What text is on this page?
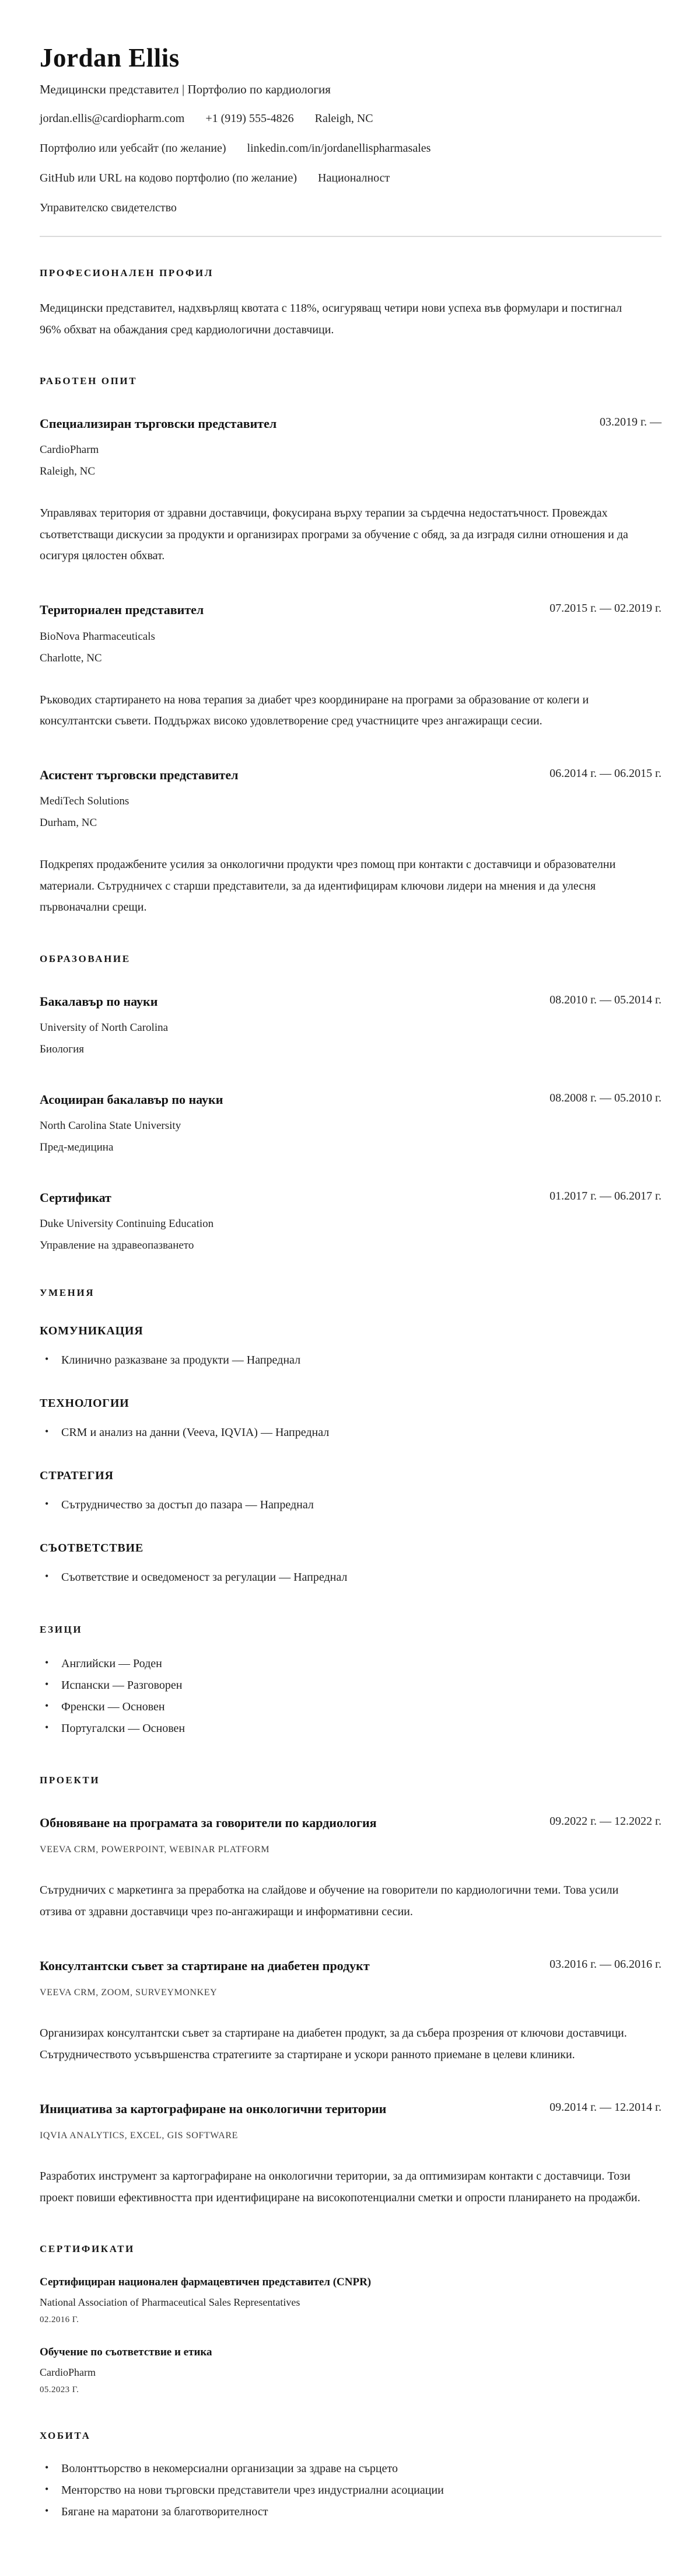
Jordan Ellis
Медицински представител | Портфолио по кардиология
jordan.ellis@cardiopharm.com +1 (919) 555-4826 Raleigh, NC
Портфолио или уебсайт (по желание) linkedin.com/in/jordanellispharmasales
GitHub или URL на кодово портфолио (по желание) Националност
Управителско свидетелство
ПРОФЕСИОНАЛЕН ПРОФИЛ

Медицински представител, надхвърлящ квотата с 118%, осигуряващ четири нови успеха във формулари и постигнал 96% обхват на обаждания сред кардиологични доставчици.

РАБОТЕН ОПИТ
Специализиран търговски представител	03.2019 г. —
CardioPharm
Raleigh, NC

Управлявах територия от здравни доставчици, фокусирана върху терапии за сърдечна недостатъчност. Провеждах съответстващи дискусии за продукти и организирах програми за обучение с обяд, за да изградя силни отношения и да осигуря цялостен обхват.

Териториален представител	07.2015 г. — 02.2019 г.
BioNova Pharmaceuticals
Charlotte, NC

Ръководих стартирането на нова терапия за диабет чрез координиране на програми за образование от колеги и консултантски съвети. Поддържах високо удовлетворение сред участниците чрез ангажиращи сесии.

Асистент търговски представител	06.2014 г. — 06.2015 г.
MediTech Solutions
Durham, NC

Подкрепях продажбените усилия за онкологични продукти чрез помощ при контакти с доставчици и образователни материали. Сътрудничех с старши представители, за да идентифицирам ключови лидери на мнения и да улесня първоначални срещи.

ОБРАЗОВАНИЕ
Бакалавър по науки	08.2010 г. — 05.2014 г.
University of North Carolina
Биология
Асоцииран бакалавър по науки	08.2008 г. — 05.2010 г.
North Carolina State University
Пред-медицина
Сертификат	01.2017 г. — 06.2017 г.
Duke University Continuing Education
Управление на здравеопазването
УМЕНИЯ
КОМУНИКАЦИЯ
• Клинично разказване за продукти — Напреднал
ТЕХНОЛОГИИ
• CRM и анализ на данни (Veeva, IQVIA) — Напреднал
СТРАТЕГИЯ
• Сътрудничество за достъп до пазара — Напреднал
СЪОТВЕТСТВИЕ
• Съответствие и осведоменост за регулации — Напреднал
ЕЗИЦИ
• Английски — Роден
• Испански — Разговорен
• Френски — Основен
• Португалски — Основен
ПРОЕКТИ
Обновяване на програмата за говорители по кардиология	09.2022 г. — 12.2022 г.
VEEVA CRM, POWERPOINT, WEBINAR PLATFORM

Сътрудничих с маркетинга за преработка на слайдове и обучение на говорители по кардиологични теми. Това усили отзива от здравни доставчици чрез по-ангажиращи и информативни сесии.

Консултантски съвет за стартиране на диабетен продукт	03.2016 г. — 06.2016 г.
VEEVA CRM, ZOOM, SURVEYMONKEY

Организирах консултантски съвет за стартиране на диабетен продукт, за да събера прозрения от ключови доставчици. Сътрудничеството усъвършенства стратегиите за стартиране и ускори ранното приемане в целеви клиники.

Инициатива за картографиране на онкологични територии	09.2014 г. — 12.2014 г.
IQVIA ANALYTICS, EXCEL, GIS SOFTWARE

Разработих инструмент за картографиране на онкологични територии, за да оптимизирам контакти с доставчици. Този проект повиши ефективността при идентифициране на високопотенциални сметки и опрости планирането на продажби.

СЕРТИФИКАТИ
Сертифициран национален фармацевтичен представител (CNPR)
National Association of Pharmaceutical Sales Representatives
02.2016 Г.
Обучение по съответствие и етика
CardioPharm
05.2023 Г.
ХОБИТА
• Волонттьорство в некомерсиални организации за здраве на сърцето
• Менторство на нови търговски представители чрез индустриални асоциации
• Бягане на маратони за благотворителност
